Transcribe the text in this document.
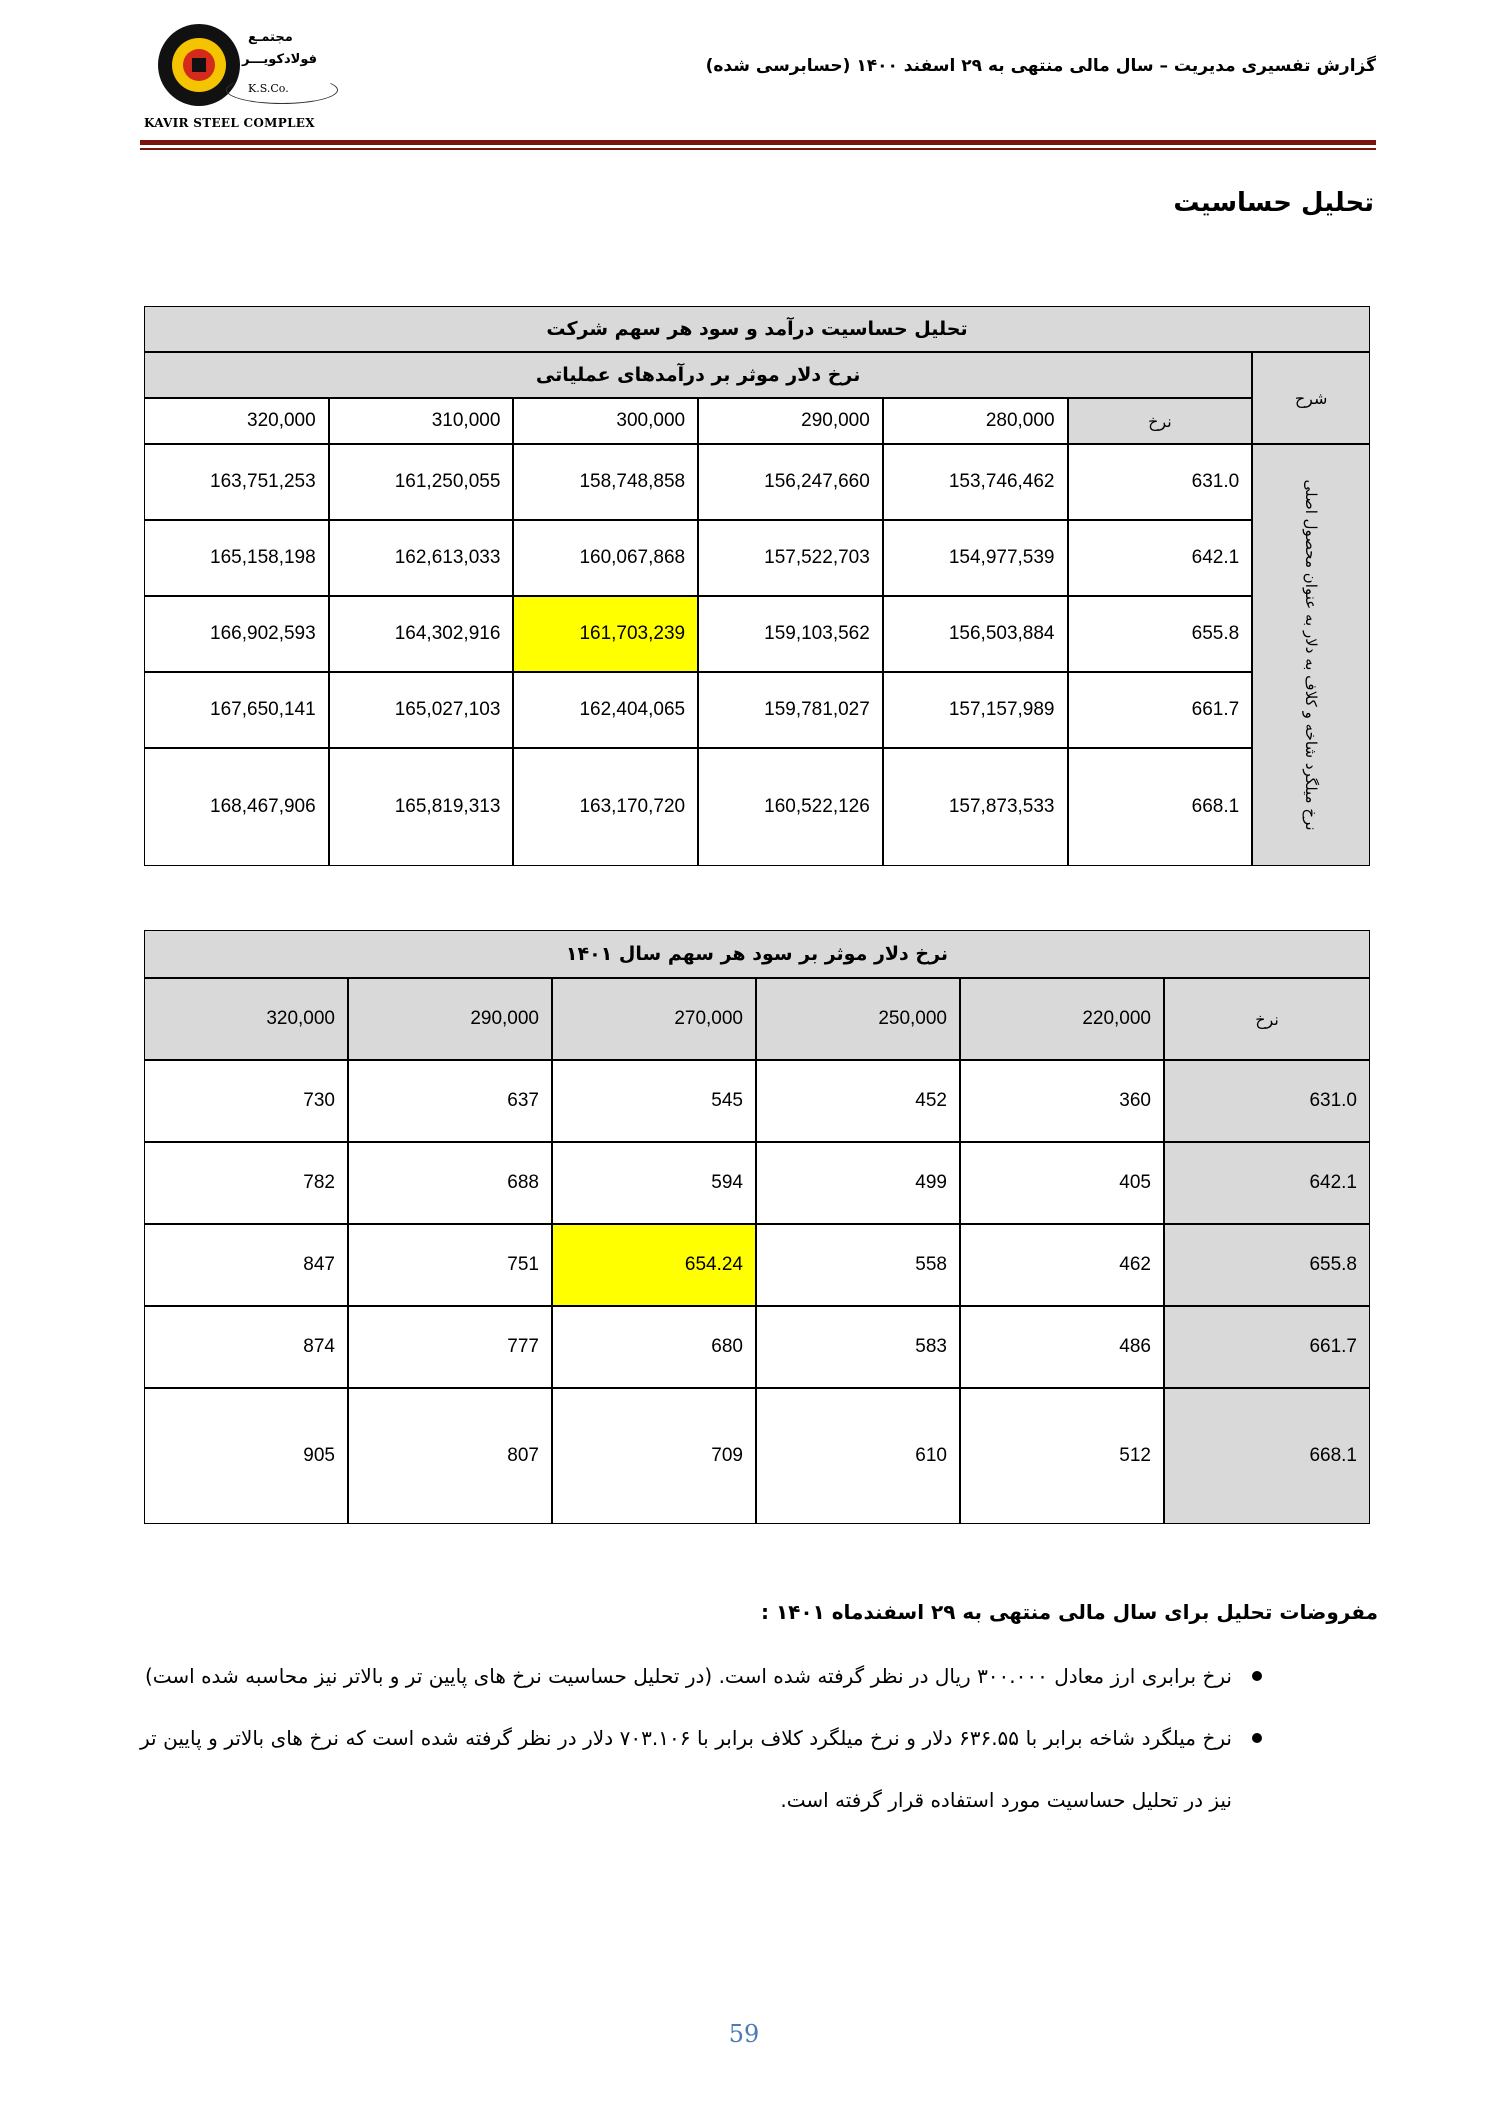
مجتمـع
فولادکویـــر
K.S.Co.
KAVIR STEEL COMPLEX
گزارش تفسیری مدیریت – سال مالی منتهی به ۲۹ اسفند ۱۴۰۰ (حسابرسی شده)
تحلیل حساسیت
تحلیل حساسیت درآمد و سود هر سهم شرکت						
نرخ دلار موثر بر درآمدهای عملیاتی						شرح
320,000	310,000	300,000	290,000	280,000	نرخ	
163,751,253	161,250,055	158,748,858	156,247,660	153,746,462	631.0	نرخ میلگرد شاخه و کلاف به دلار به عنوان محصول اصلی

165,158,198	162,613,033	160,067,868	157,522,703	154,977,539	642.1	
166,902,593	164,302,916	161,703,239	159,103,562	156,503,884	655.8	
167,650,141	165,027,103	162,404,065	159,781,027	157,157,989	661.7	
168,467,906	165,819,313	163,170,720	160,522,126	157,873,533	668.1	
نرخ دلار موثر بر سود هر سهم سال ۱۴۰۱					
320,000	290,000	270,000	250,000	220,000	نرخ
730	637	545	452	360	631.0
782	688	594	499	405	642.1
847	751	654.24	558	462	655.8
874	777	680	583	486	661.7
905	807	709	610	512	668.1
مفروضات تحلیل برای سال مالی منتهی به ۲۹ اسفندماه ۱۴۰۱ :
نرخ برابری ارز معادل ۳۰۰.۰۰۰ ریال در نظر گرفته شده است. (در تحلیل حساسیت نرخ های پایین تر و بالاتر نیز محاسبه شده است)
نرخ میلگرد شاخه برابر با ۶۳۶.۵۵ دلار و نرخ میلگرد کلاف برابر با ۷۰۳.۱۰۶ دلار در نظر گرفته شده است که نرخ های بالاتر و پایین تر نیز در تحلیل حساسیت مورد استفاده قرار گرفته است.
59
